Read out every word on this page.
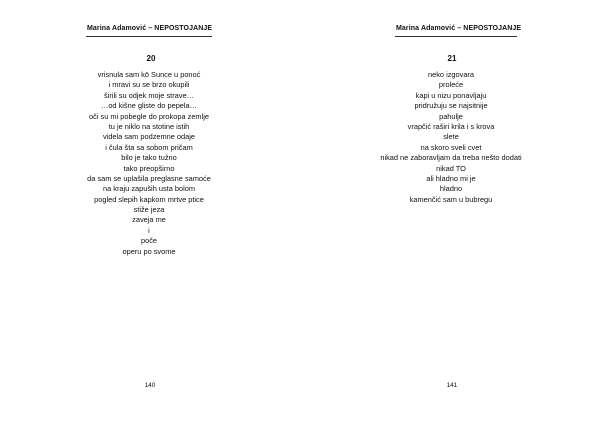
Marina Adamović – NEPOSTOJANJE
20
vrisnula sam kō Sunce u ponoć
i mravi su se brzo okupili
širili su odjek moje strave…
…od kišne gliste do pepela…
oči su mi pobegle do prokopa zemlje
tu je niklo na stotine istih
videla sam podzemne odaje
i čula šta sa sobom pričam
bilo je tako tužno
tako preopširno
da sam se uplašila preglasne samoće
na kraju zapuših usta bolom
pogled slepih kapkom mrtve ptice
stiže jeza
zaveja me
i
poče
operu po svome
140
Marina Adamović – NEPOSTOJANJE
21
neko izgovara
proleće
kapi u nizu ponavljaju
pridružuju se najsitnije
pahulje
vrapčić raširi krila i s krova
slete
na skoro sveli cvet
nikad ne zaboravljam da treba nešto dodati
nikad TO
ali hladno mi je
hladno
kamenčić sam u bubregu
141
